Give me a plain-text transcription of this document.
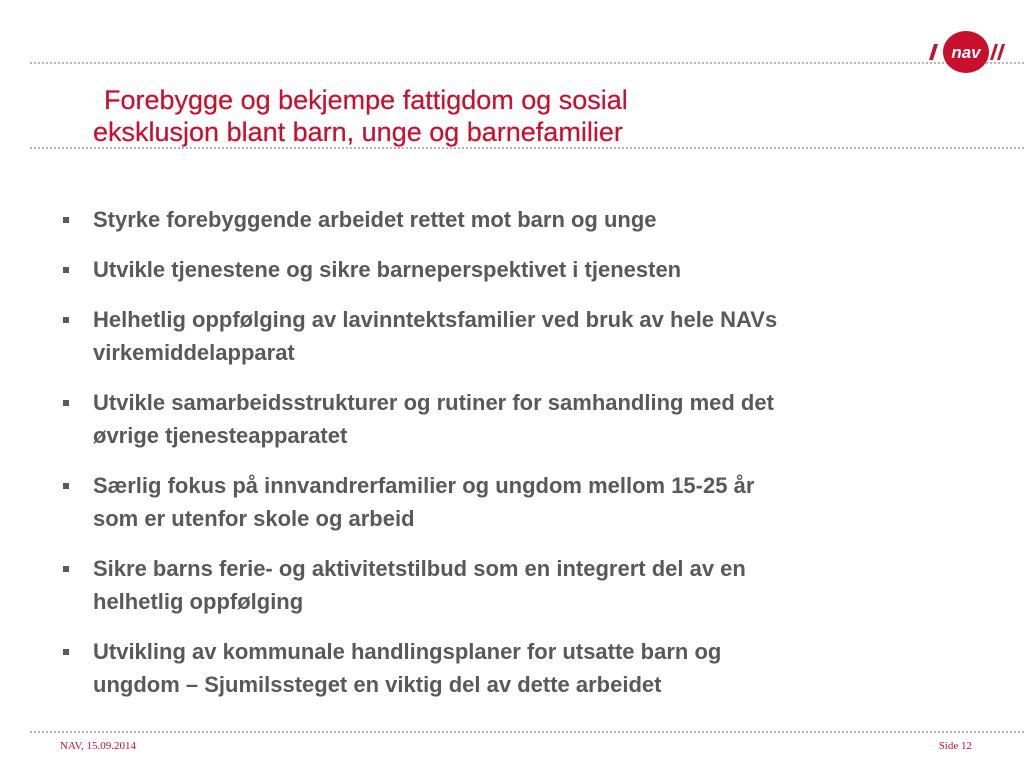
nav
Forebygge og bekjempe fattigdom og sosial
eksklusjon blant barn, unge og barnefamilier
Styrke forebyggende arbeidet rettet mot barn og unge
Utvikle tjenestene og sikre barneperspektivet i tjenesten
Helhetlig oppfølging av lavinntektsfamilier ved bruk av hele NAVs
virkemiddelapparat
Utvikle samarbeidsstrukturer og rutiner for samhandling med det
øvrige tjenesteapparatet
Særlig fokus på innvandrerfamilier og ungdom mellom 15-25 år
som er utenfor skole og arbeid
Sikre barns ferie- og aktivitetstilbud som en integrert del av en
helhetlig oppfølging
Utvikling av kommunale handlingsplaner for utsatte barn og
ungdom – Sjumilssteget en viktig del av dette arbeidet
NAV, 15.09.2014	Side 12
